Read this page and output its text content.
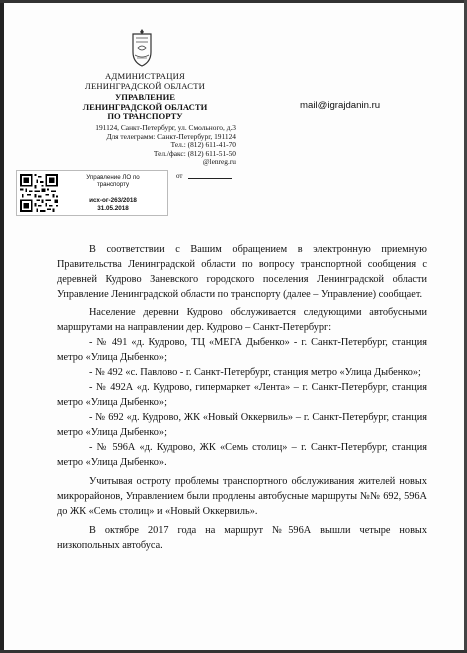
АДМИНИСТРАЦИЯ
ЛЕНИНГРАДСКОЙ ОБЛАСТИ
УПРАВЛЕНИЕ
ЛЕНИНГРАДСКОЙ ОБЛАСТИ
ПО ТРАНСПОРТУ
191124, Санкт-Петербург, ул. Смольного, д.3
Для телеграмм: Санкт-Петербург, 191124
Тел.: (812) 611-41-70
Тел./факс: (812) 611-51-50
@lenreg.ru
mail@igrajdanin.ru
от
Управление ЛО по
транспорту
исх-ог-263/2018
31.05.2018

В соответствии с Вашим обращением в электронную приемную Правительства Ленинградской области по вопросу транспортной сообщения с деревней Кудрово Заневского городского поселения Ленинградской области Управление Ленинградской области по транспорту (далее – Управление) сообщает.

Население деревни Кудрово обслуживается следующими автобусными маршрутами на направлении дер. Кудрово – Санкт-Петербург:

- № 491 «д. Кудрово, ТЦ «МЕГА Дыбенко» - г. Санкт-Петербург, станция метро «Улица Дыбенко»;

- № 492 «с. Павлово - г. Санкт-Петербург, станция метро «Улица Дыбенко»;

- № 492А «д. Кудрово, гипермаркет «Лента» – г. Санкт-Петербург, станция метро «Улица Дыбенко»;

- № 692 «д. Кудрово, ЖК «Новый Оккервиль» – г. Санкт-Петербург, станция метро «Улица Дыбенко»;

- № 596А «д. Кудрово, ЖК «Семь столиц» – г. Санкт-Петербург, станция метро «Улица Дыбенко».

Учитывая остроту проблемы транспортного обслуживания жителей новых микрорайонов, Управлением были продлены автобусные маршруты №№ 692, 596А до ЖК «Семь столиц» и «Новый Оккервиль».

В октябре 2017 года на маршрут №596А вышли четыре новых низкопольных автобуса.
